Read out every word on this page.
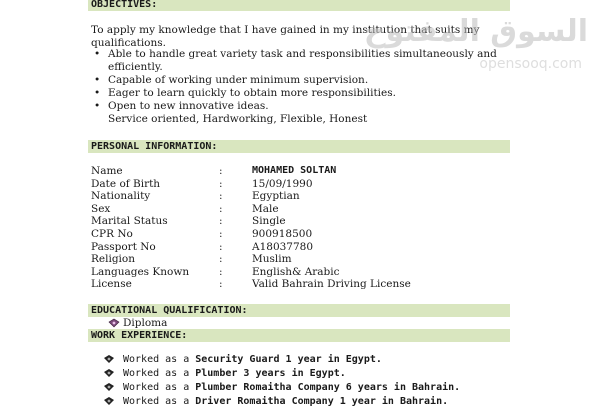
OBJECTIVES:
To apply my knowledge that I have gained in my institution that suits my
qualifications.
• Able to handle great variety task and responsibilities simultaneously and
efficiently.
• Capable of working under minimum supervision.
• Eager to learn quickly to obtain more responsibilities.
• Open to new innovative ideas.
Service oriented, Hardworking, Flexible, Honest
PERSONAL INFORMATION:
Name	:	MOHAMED SOLTAN
Date of Birth	:	15/09/1990
Nationality	:	Egyptian
Sex	:	Male
Marital Status	:	Single
CPR No	:	900918500
Passport No	:	A18037780
Religion	:	Muslim
Languages Known	:	English& Arabic
License	:	Valid Bahrain Driving License
EDUCATIONAL QUALIFICATION:
Diploma
WORK EXPERIENCE:
Worked as a Security Guard 1 year in Egypt.
Worked as a Plumber 3 years in Egypt.
Worked as a Plumber Romaitha Company 6 years in Bahrain.
Worked as a Driver Romaitha Company 1 year in Bahrain.
السوق المفتوح
opensooq.com
